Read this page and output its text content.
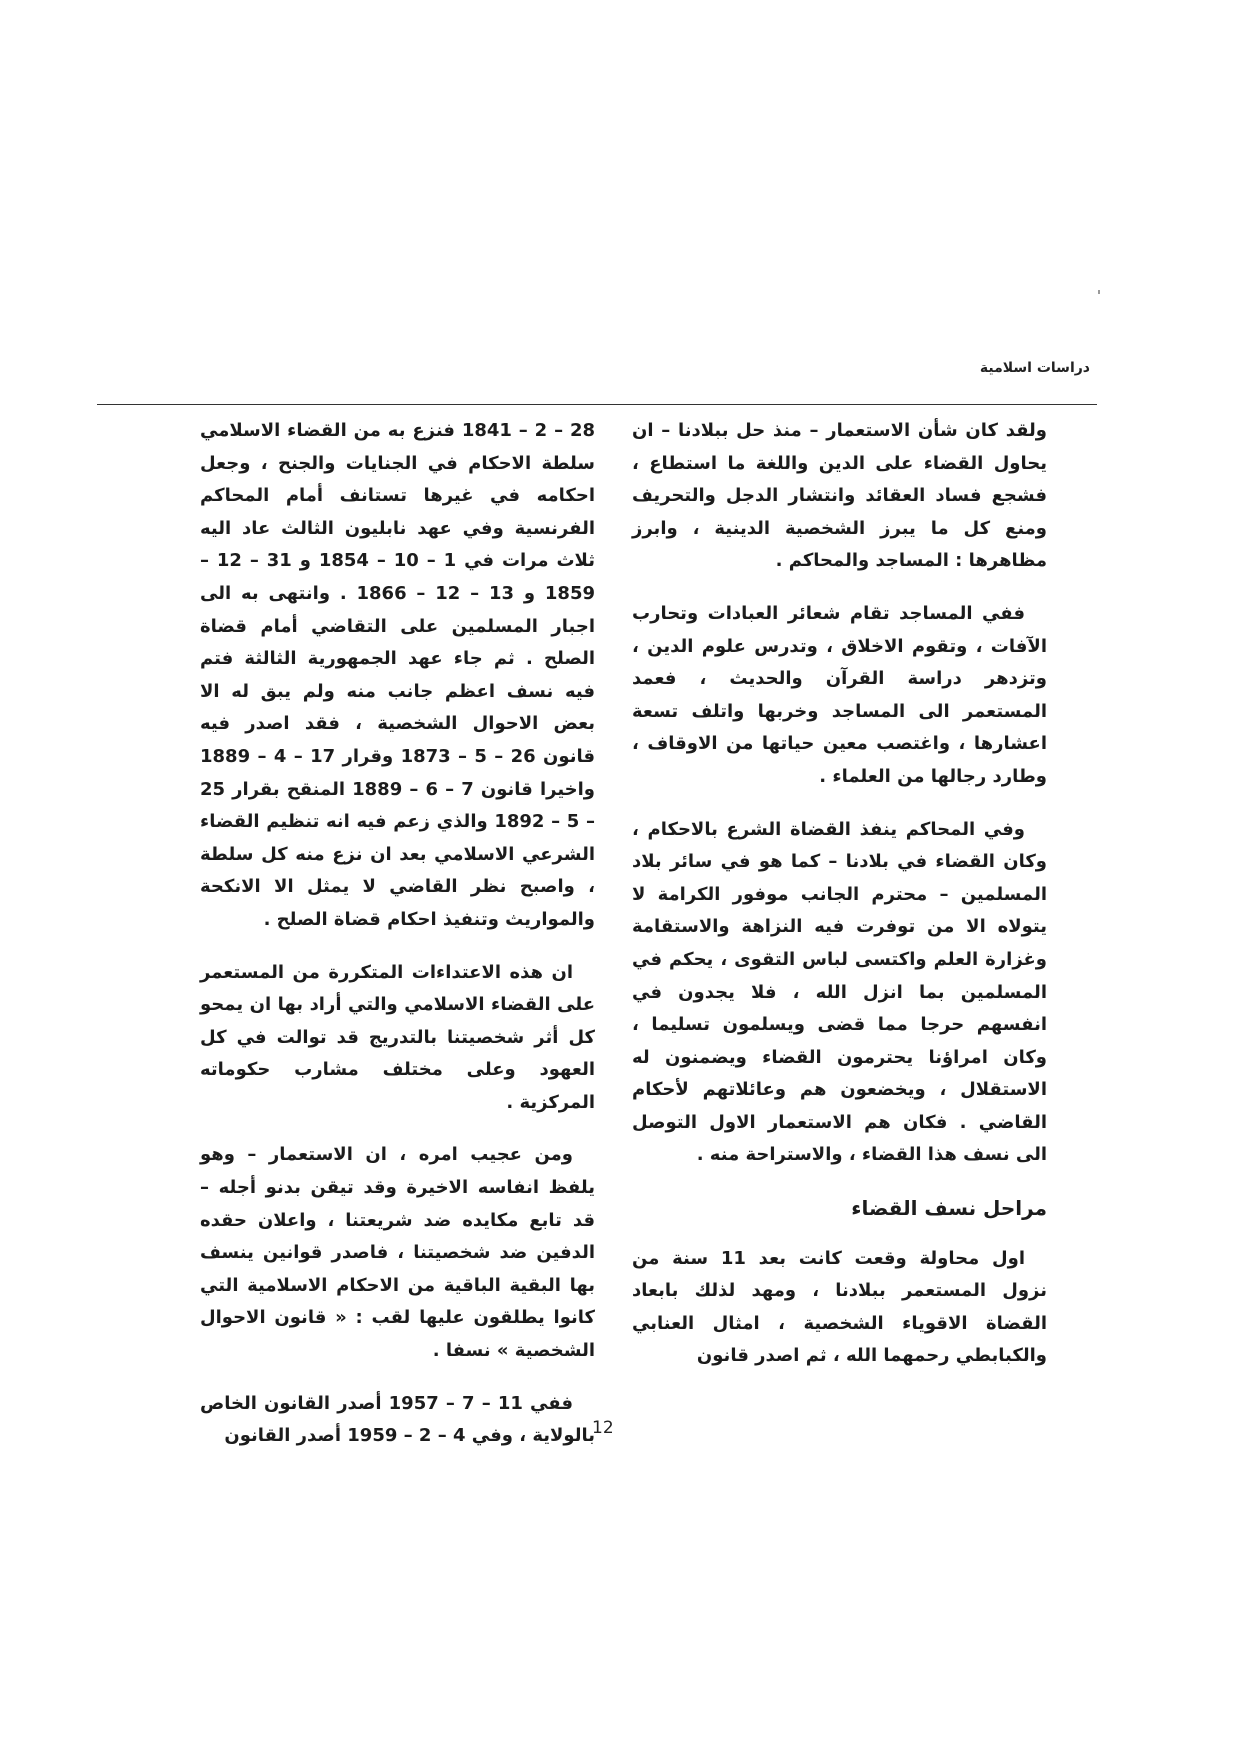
دراسات اسلامية

ولقد كان شأن الاستعمار – منذ حل ببلادنا – ان يحاول القضاء على الدين واللغة ما استطاع ، فشجع فساد العقائد وانتشار الدجل والتحريف ومنع كل ما يبرز الشخصية الدينية ، وابرز مظاهرها : المساجد والمحاكم .

ففي المساجد تقام شعائر العبادات وتحارب الآفات ، وتقوم الاخلاق ، وتدرس علوم الدين ، وتزدهر دراسة القرآن والحديث ، فعمد المستعمر الى المساجد وخربها واتلف تسعة اعشارها ، واغتصب معين حياتها من الاوقاف ، وطارد رجالها من العلماء .

وفي المحاكم ينفذ القضاة الشرع بالاحكام ، وكان القضاء في بلادنا – كما هو في سائر بلاد المسلمين – محترم الجانب موفور الكرامة لا يتولاه الا من توفرت فيه النزاهة والاستقامة وغزارة العلم واكتسى لباس التقوى ، يحكم في المسلمين بما انزل الله ، فلا يجدون في انفسهم حرجا مما قضى ويسلمون تسليما ، وكان امراؤنا يحترمون القضاء ويضمنون له الاستقلال ، ويخضعون هم وعائلاتهم لأحكام القاضي . فكان هم الاستعمار الاول التوصل الى نسف هذا القضاء ، والاستراحة منه .

مراحل نسف القضاء

اول محاولة وقعت كانت بعد 11 سنة من نزول المستعمر ببلادنا ، ومهد لذلك بابعاد القضاة الاقوياء الشخصية ، امثال العنابي والكبابطي رحمهما الله ، ثم اصدر قانون

28 – 2 – 1841 فنزع به من القضاء الاسلامي سلطة الاحكام في الجنايات والجنح ، وجعل احكامه في غيرها تستانف أمام المحاكم الفرنسية وفي عهد نابليون الثالث عاد اليه ثلاث مرات في 1 – 10 – 1854 و 31 – 12 – 1859 و 13 – 12 – 1866 . وانتهى به الى اجبار المسلمين على التقاضي أمام قضاة الصلح . ثم جاء عهد الجمهورية الثالثة فتم فيه نسف اعظم جانب منه ولم يبق له الا بعض الاحوال الشخصية ، فقد اصدر فيه قانون 26 – 5 – 1873 وقرار 17 – 4 – 1889 واخيرا قانون 7 – 6 – 1889 المنقح بقرار 25 – 5 – 1892 والذي زعم فيه انه تنظيم القضاء الشرعي الاسلامي بعد ان نزع منه كل سلطة ، واصبح نظر القاضي لا يمثل الا الانكحة والمواريث وتنفيذ احكام قضاة الصلح .

ان هذه الاعتداءات المتكررة من المستعمر على القضاء الاسلامي والتي أراد بها ان يمحو كل أثر شخصيتنا بالتدريج قد توالت في كل العهود وعلى مختلف مشارب حكوماته المركزية .

ومن عجيب امره ، ان الاستعمار – وهو يلفظ انفاسه الاخيرة وقد تيقن بدنو أجله – قد تابع مكايده ضد شريعتنا ، واعلان حقده الدفين ضد شخصيتنا ، فاصدر قوانين ينسف بها البقية الباقية من الاحكام الاسلامية التي كانوا يطلقون عليها لقب : « قانون الاحوال الشخصية » نسفا .

ففي 11 – 7 – 1957 أصدر القانون الخاص بالولاية ، وفي 4 – 2 – 1959 أصدر القانون

12
